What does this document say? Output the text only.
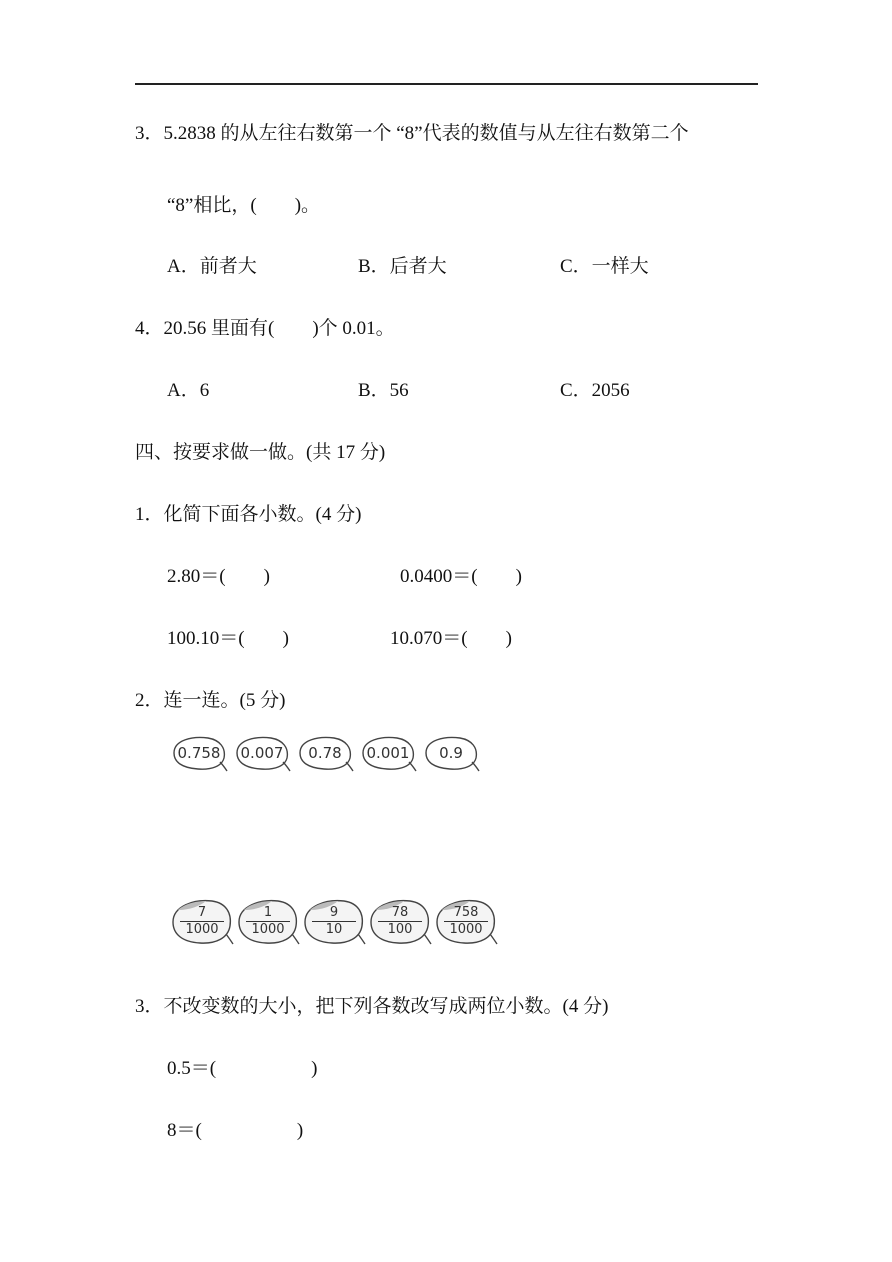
3．5.2838 的从左往右数第一个 “8”代表的数值与从左往右数第二个
“8”相比，(　　)。
A．前者大	B．后者大	C．一样大
4．20.56 里面有(　　)个 0.01。
A．6	B．56	C．2056
四、按要求做一做。(共 17 分)
1．化简下面各小数。(4 分)
2.80＝(　　)	0.0400＝(　　)
100.10＝(　　)	10.070＝(　　)
2．连一连。(5 分)
0.758	0.007	0.78	0.001	0.9
7
1000
1
1000
9
10
78
100
758
1000
3．不改变数的大小，把下列各数改写成两位小数。(4 分)
0.5＝(　　　　　)
8＝(　　　　　)
